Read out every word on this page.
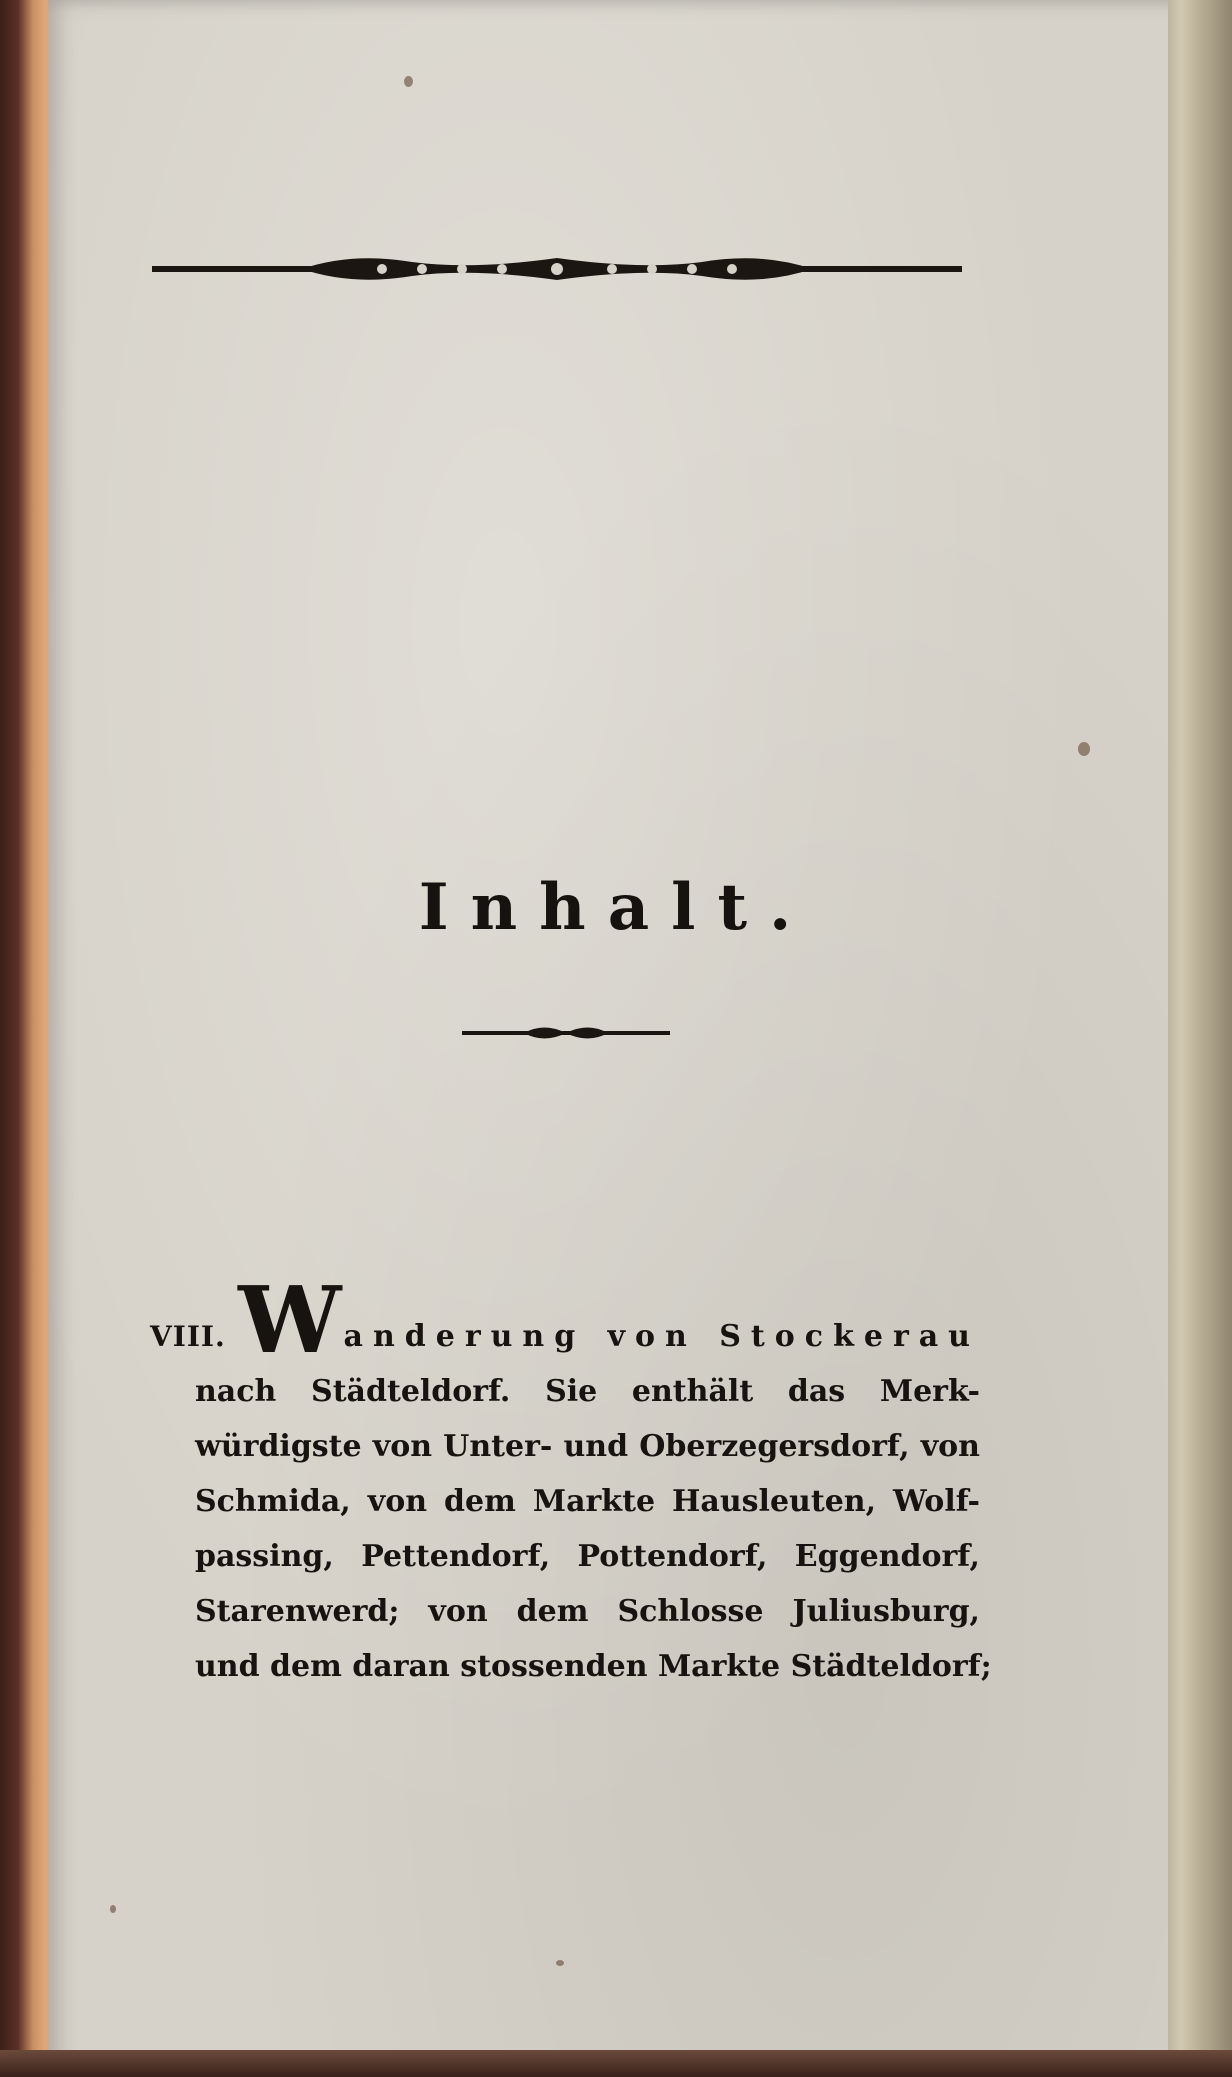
Inhalt.
VIII. Wanderung von Stockerau
nach Städteldorf. Sie enthält das Merk-
würdigste von Unter- und Oberzegersdorf, von
Schmida, von dem Markte Hausleuten, Wolf-
passing, Pettendorf, Pottendorf, Eggendorf,
Starenwerd; von dem Schlosse Juliusburg,
und dem daran stossenden Markte Städteldorf;
